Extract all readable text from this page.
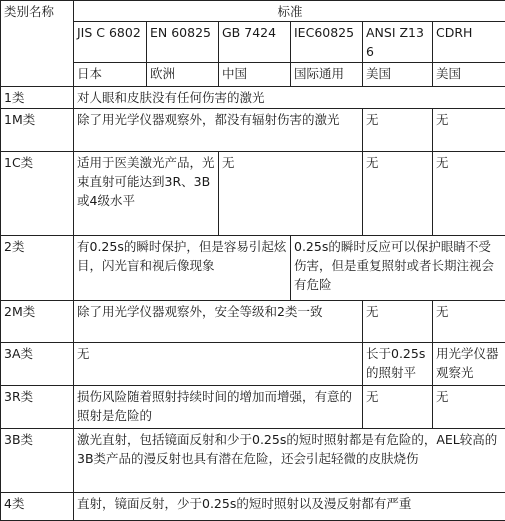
类别名称	标准					
	JIS C 6802	EN 60825	GB 7424	IEC60825	ANSI Z136	CDRH
	日本	欧洲	中国	国际通用	美国	美国
1类	对人眼和皮肤没有任何伤害的激光					
1M类	除了用光学仪器观察外，都没有辐射伤害的激光				无	无
1C类	适用于医美激光产品，光束直射可能达到3R、3B或4级水平		无		无	无
2类	有0.25s的瞬时保护，但是容易引起炫目，闪光盲和视后像现象			0.25s的瞬时反应可以保护眼睛不受伤害，但是重复照射或者长期注视会有危险		
2M类	除了用光学仪器观察外，安全等级和2类一致				无	无
3A类	无				长于0.25s的照射平	用光学仪器观察光
3R类	损伤风险随着照射持续时间的增加而增强，有意的照射是危险的				无	无
3B类	激光直射，包括镜面反射和少于0.25s的短时照射都是有危险的，AEL较高的3B类产品的漫反射也具有潜在危险，还会引起轻微的皮肤烧伤					
4类	直射，镜面反射，少于0.25s的短时照射以及漫反射都有严重					
